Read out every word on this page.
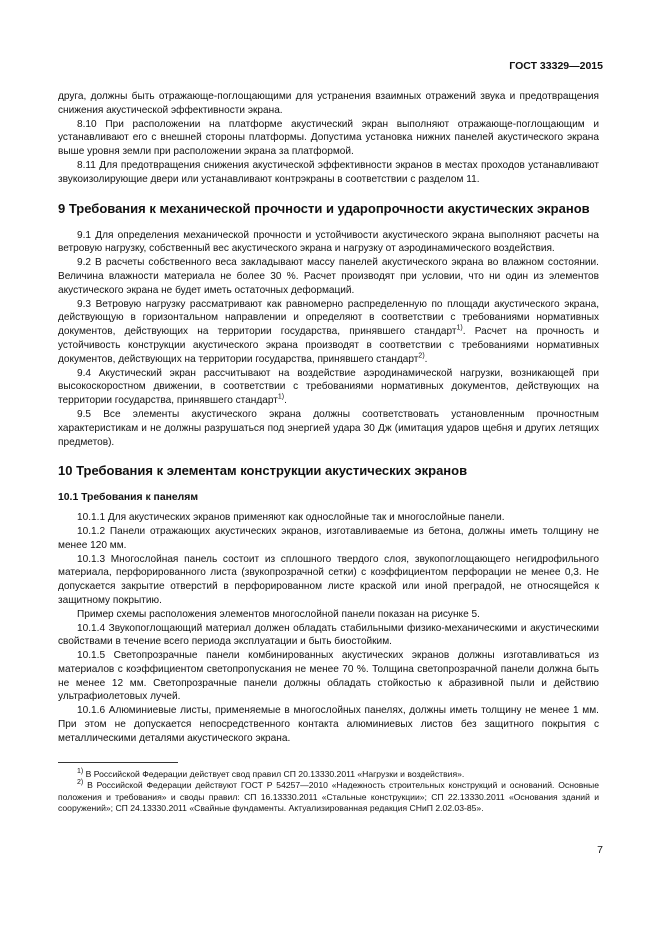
ГОСТ 33329—2015

друга, должны быть отражающе-поглощающими для устранения взаимных отражений звука и предотвращения снижения акустической эффективности экрана.

8.10 При расположении на платформе акустический экран выполняют отражающе-поглощающим и устанавливают его с внешней стороны платформы. Допустима установка нижних панелей акустического экрана выше уровня земли при расположении экрана за платформой.

8.11 Для предотвращения снижения акустической эффективности экранов в местах проходов устанавливают звукоизолирующие двери или устанавливают контрэкраны в соответствии с разделом 11.

9 Требования к механической прочности и ударопрочности акустических экранов

9.1 Для определения механической прочности и устойчивости акустического экрана выполняют расчеты на ветровую нагрузку, собственный вес акустического экрана и нагрузку от аэродинамического воздействия.

9.2 В расчеты собственного веса закладывают массу панелей акустического экрана во влажном состоянии. Величина влажности материала не более 30 %. Расчет производят при условии, что ни один из элементов акустического экрана не будет иметь остаточных деформаций.

9.3 Ветровую нагрузку рассматривают как равномерно распределенную по площади акустического экрана, действующую в горизонтальном направлении и определяют в соответствии с требованиями нормативных документов, действующих на территории государства, принявшего стандарт$^{1)}$. Расчет на прочность и устойчивость конструкции акустического экрана производят в соответствии с требованиями нормативных документов, действующих на территории государства, принявшего стандарт$^{2)}$.

9.4 Акустический экран рассчитывают на воздействие аэродинамической нагрузки, возникающей при высокоскоростном движении, в соответствии с требованиями нормативных документов, действующих на территории государства, принявшего стандарт$^{1)}$.

9.5 Все элементы акустического экрана должны соответствовать установленным прочностным характеристикам и не должны разрушаться под энергией удара 30 Дж (имитация ударов щебня и других летящих предметов).

10 Требования к элементам конструкции акустических экранов
10.1 Требования к панелям

10.1.1 Для акустических экранов применяют как однослойные так и многослойные панели.

10.1.2 Панели отражающих акустических экранов, изготавливаемые из бетона, должны иметь толщину не менее 120 мм.

10.1.3 Многослойная панель состоит из сплошного твердого слоя, звукопоглощающего негидрофильного материала, перфорированного листа (звукопрозрачной сетки) с коэффициентом перфорации не менее 0,3. Не допускается закрытие отверстий в перфорированном листе краской или иной преградой, не относящейся к защитному покрытию.

Пример схемы расположения элементов многослойной панели показан на рисунке 5.

10.1.4 Звукопоглощающий материал должен обладать стабильными физико-механическими и акустическими свойствами в течение всего периода эксплуатации и быть биостойким.

10.1.5 Светопрозрачные панели комбинированных акустических экранов должны изготавливаться из материалов с коэффициентом светопропускания не менее 70 %. Толщина светопрозрачной панели должна быть не менее 12 мм. Светопрозрачные панели должны обладать стойкостью к абразивной пыли и действию ультрафиолетовых лучей.

10.1.6 Алюминиевые листы, применяемые в многослойных панелях, должны иметь толщину не менее 1 мм. При этом не допускается непосредственного контакта алюминиевых листов без защитного покрытия с металлическими деталями акустического экрана.

$^{1)}$ В Российской Федерации действует свод правил СП 20.13330.2011 «Нагрузки и воздействия».

$^{2)}$ В Российской Федерации действуют ГОСТ Р 54257—2010 «Надежность строительных конструкций и оснований. Основные положения и требования» и своды правил: СП 16.13330.2011 «Стальные конструкции»; СП 22.13330.2011 «Основания зданий и сооружений»; СП 24.13330.2011 «Свайные фундаменты. Актуализированная редакция СНиП 2.02.03-85».

7
